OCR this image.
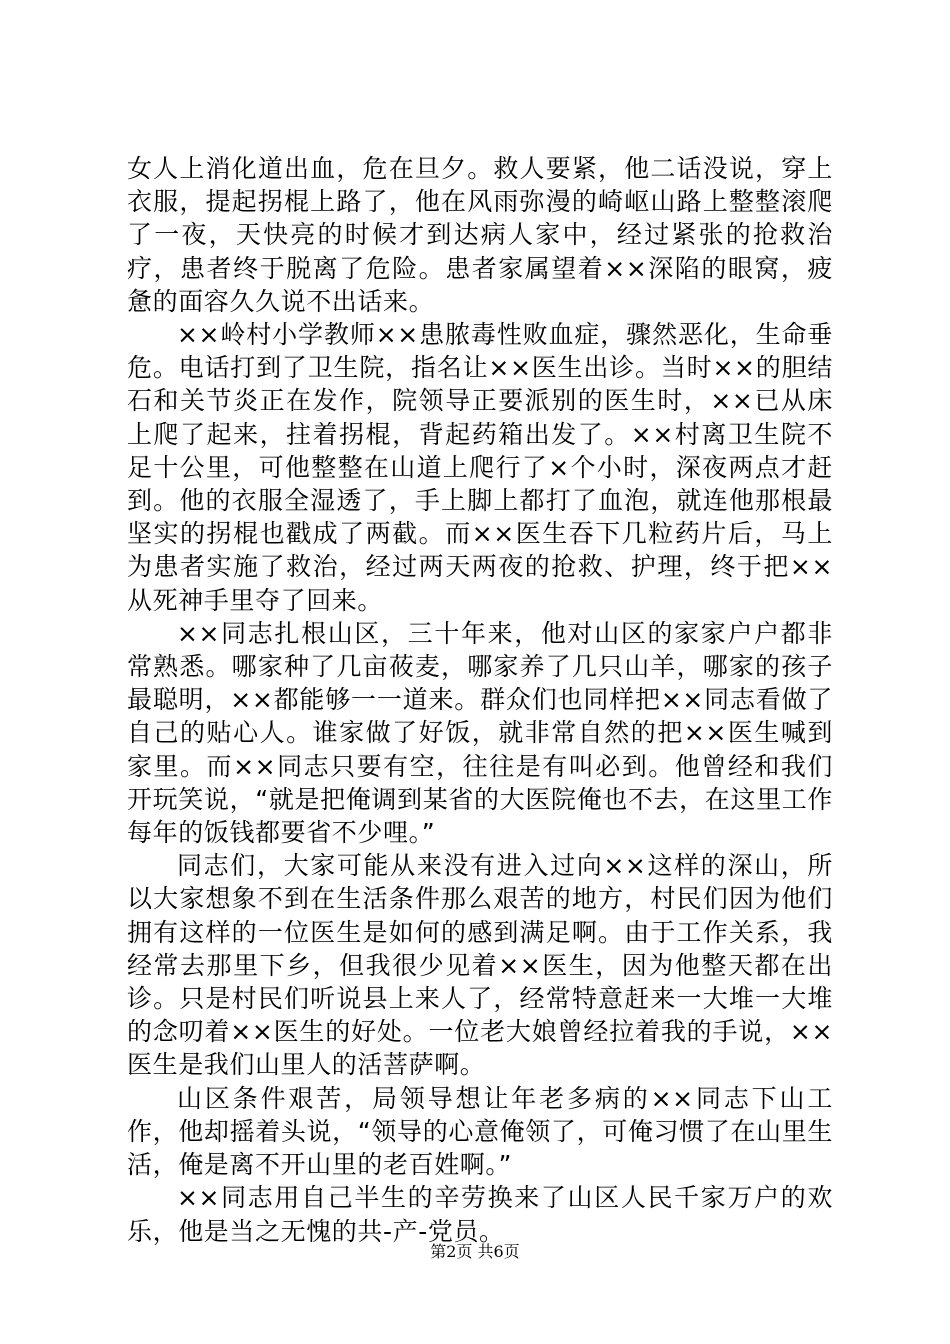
女人上消化道出血，危在旦夕。救人要紧，他二话没说，穿上衣服，提起拐棍上路了，他在风雨弥漫的崎岖山路上整整滚爬了一夜，天快亮的时候才到达病人家中，经过紧张的抢救治疗，患者终于脱离了危险。患者家属望着××深陷的眼窝，疲惫的面容久久说不出话来。

××岭村小学教师××患脓毒性败血症，骤然恶化，生命垂危。电话打到了卫生院，指名让××医生出诊。当时××的胆结石和关节炎正在发作，院领导正要派别的医生时，××已从床上爬了起来，拄着拐棍，背起药箱出发了。××村离卫生院不足十公里，可他整整在山道上爬行了×个小时，深夜两点才赶到。他的衣服全湿透了，手上脚上都打了血泡，就连他那根最坚实的拐棍也戳成了两截。而××医生吞下几粒药片后，马上为患者实施了救治，经过两天两夜的抢救、护理，终于把××从死神手里夺了回来。

××同志扎根山区，三十年来，他对山区的家家户户都非常熟悉。哪家种了几亩莜麦，哪家养了几只山羊，哪家的孩子最聪明，××都能够一一道来。群众们也同样把××同志看做了自己的贴心人。谁家做了好饭，就非常自然的把××医生喊到家里。而××同志只要有空，往往是有叫必到。他曾经和我们开玩笑说，“就是把俺调到某省的大医院俺也不去，在这里工作每年的饭钱都要省不少哩。”

同志们，大家可能从来没有进入过向××这样的深山，所以大家想象不到在生活条件那么艰苦的地方，村民们因为他们拥有这样的一位医生是如何的感到满足啊。由于工作关系，我经常去那里下乡，但我很少见着××医生，因为他整天都在出诊。只是村民们听说县上来人了，经常特意赶来一大堆一大堆的念叨着××医生的好处。一位老大娘曾经拉着我的手说，××医生是我们山里人的活菩萨啊。

山区条件艰苦，局领导想让年老多病的××同志下山工作，他却摇着头说，“领导的心意俺领了，可俺习惯了在山里生活，俺是离不开山里的老百姓啊。”

××同志用自己半生的辛劳换来了山区人民千家万户的欢乐，他是当之无愧的共-产-党员。

第2页 共6页
